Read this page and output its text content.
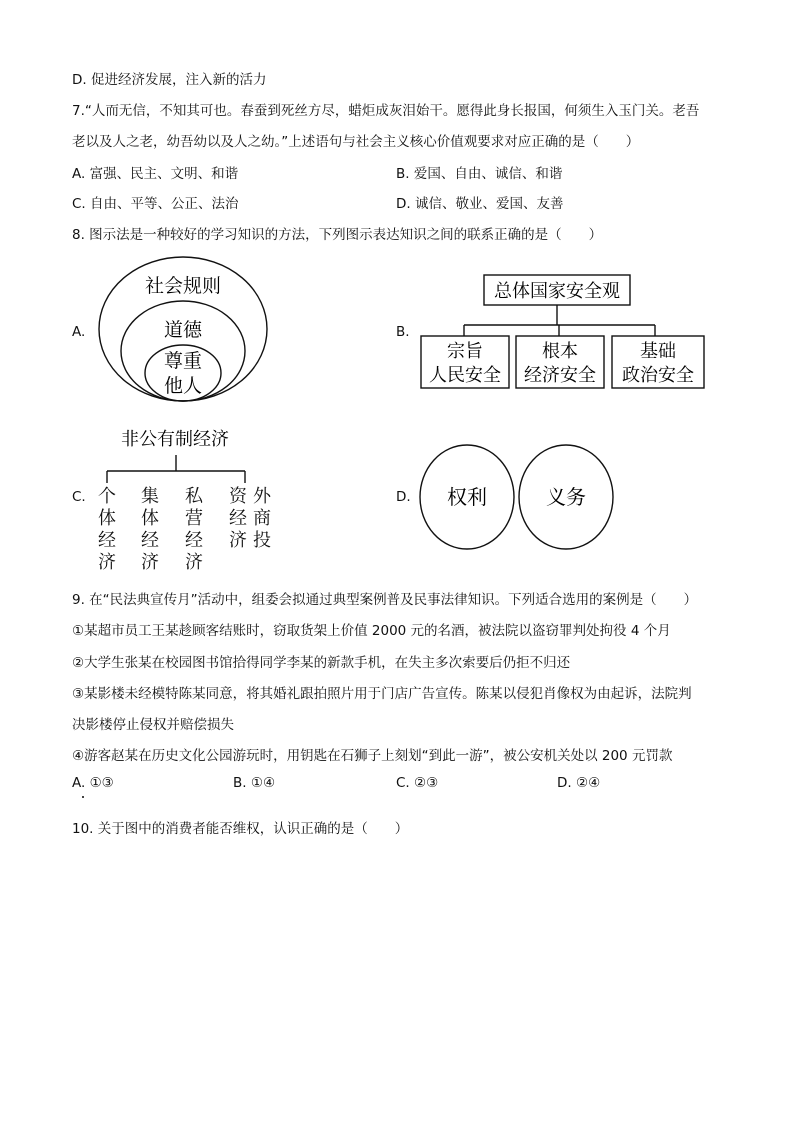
D. 促进经济发展，注入新的活力
7.“人而无信，不知其可也。春蚕到死丝方尽，蜡炬成灰泪始干。愿得此身长报国，何须生入玉门关。老吾
老以及人之老，幼吾幼以及人之幼。”上述语句与社会主义核心价值观要求对应正确的是（　　）
A. 富强、民主、文明、和谐	B. 爱国、自由、诚信、和谐
C. 自由、平等、公正、法治	D. 诚信、敬业、爱国、友善
8. 图示法是一种较好的学习知识的方法，下列图示表达知识之间的联系正确的是（　　）
A.
社会规则
道德
尊重
他人
B.
总体国家安全观
宗旨
人民安全
根本
经济安全
基础
政治安全
C.
非公有制经济
个体经济
集体经济
私营经济
资经济
外商投
D. 权利	义务
9. 在“民法典宣传月”活动中，组委会拟通过典型案例普及民事法律知识。下列适合选用的案例是（　　）
①某超市员工王某趁顾客结账时，窃取货架上价值 2000 元的名酒，被法院以盗窃罪判处拘役 4 个月
②大学生张某在校园图书馆拾得同学李某的新款手机，在失主多次索要后仍拒不归还
③某影楼未经模特陈某同意，将其婚礼跟拍照片用于门店广告宣传。陈某以侵犯肖像权为由起诉，法院判
决影楼停止侵权并赔偿损失
④游客赵某在历史文化公园游玩时，用钥匙在石狮子上刻划“到此一游”，被公安机关处以 200 元罚款
A. ①③	B. ①④	C. ②③	D. ②④
10. 关于图中的消费者能否维权，认识正确的是（　　）
